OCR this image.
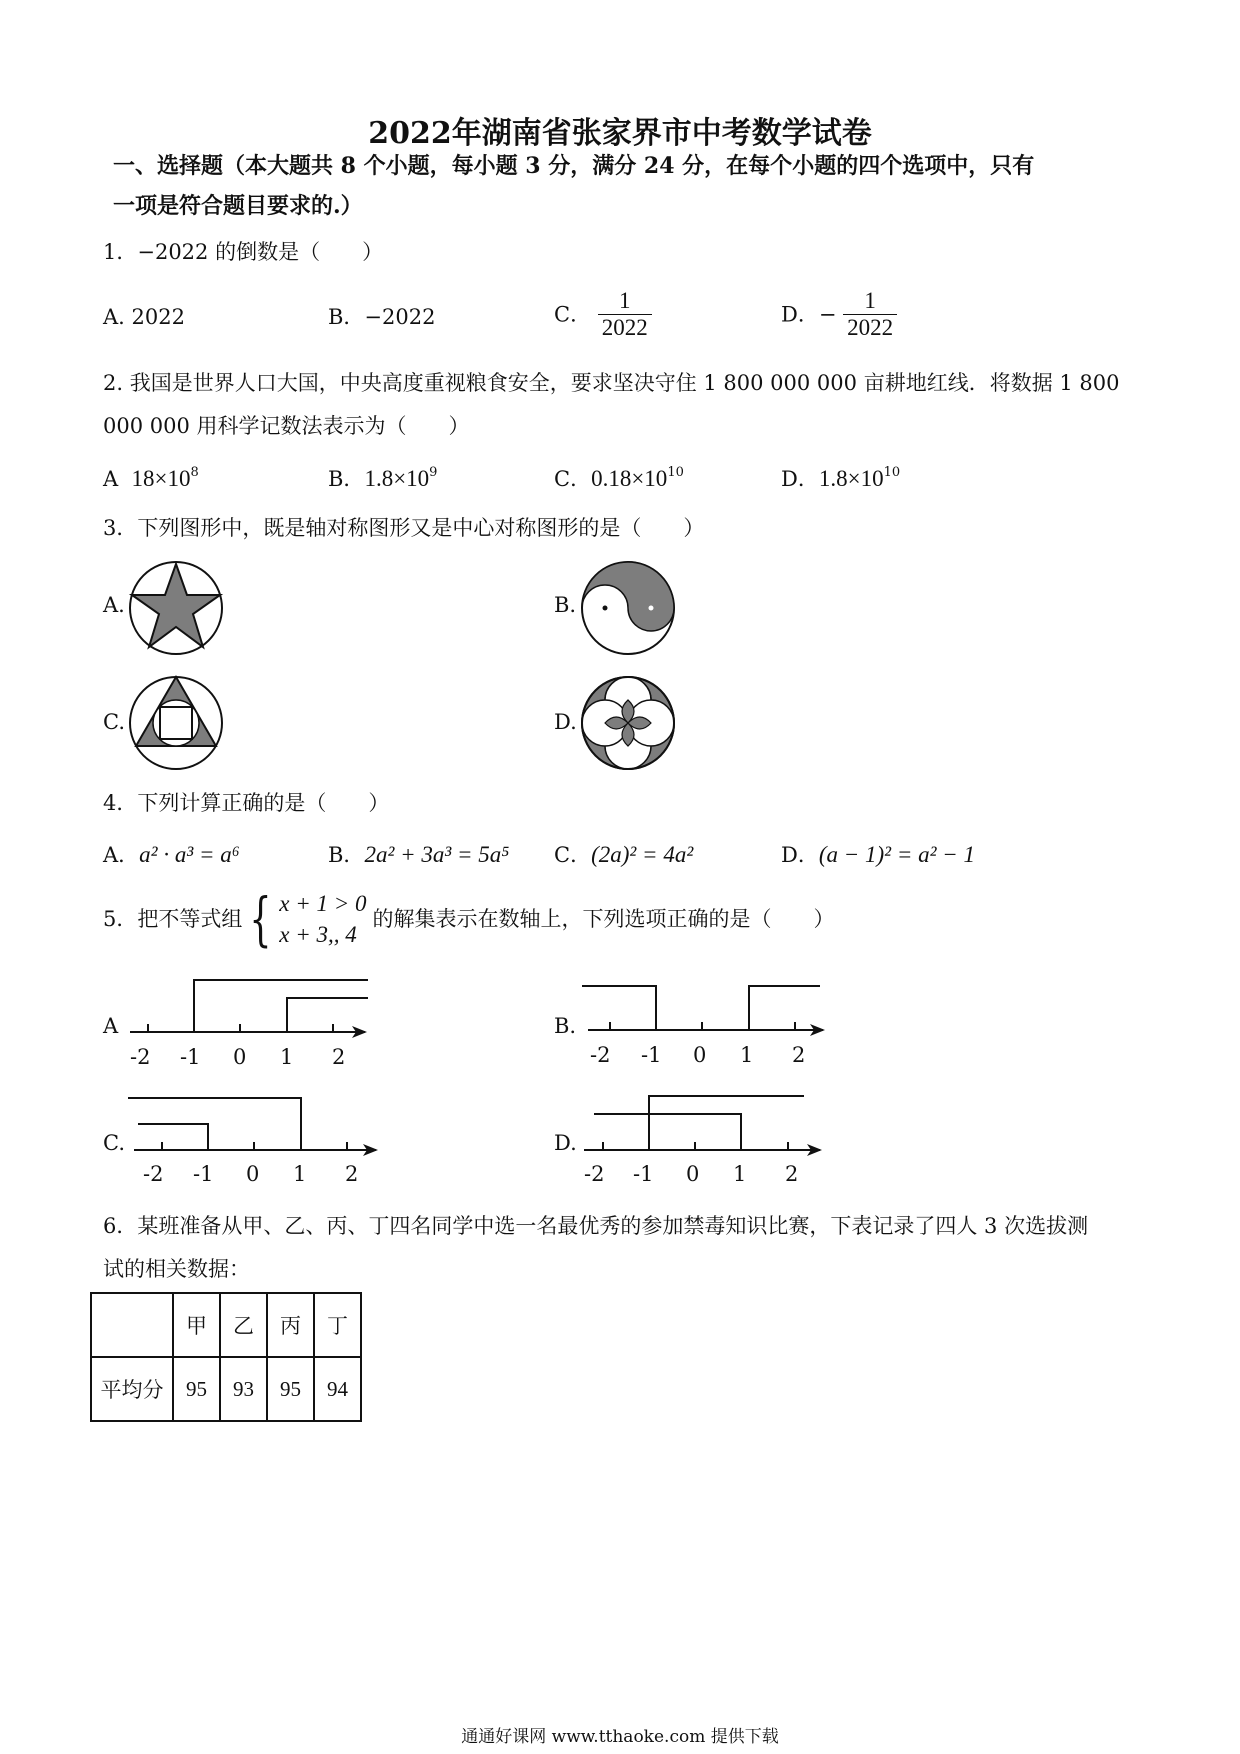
2022年湖南省张家界市中考数学试卷
一、选择题（本大题共 8 个小题，每小题 3 分，满分 24 分，在每个小题的四个选项中，只有
一项是符合题目要求的.）
1．−2022 的倒数是（　　）
A. 2022	B．−2022	C． $\frac{1}{2022}$	D．− $\frac{1}{2022}$
2. 我国是世界人口大国，中央高度重视粮食安全，要求坚决守住 1 800 000 000 亩耕地红线．将数据 1 800
000 000 用科学记数法表示为（　　）
A $18\times 10^8$	B．$1.8\times 10^9$	C．$0.18\times 10^{10}$	D．$1.8\times 10^{10}$
3．下列图形中，既是轴对称图形又是中心对称图形的是（　　）
A.	B.
C.	D.
4．下列计算正确的是（　　）
A．a² · a³ = a⁶	B．2a² + 3a³ = 5a⁵ C．(2a)² = 4a²	D．(a − 1)² = a² − 1
5．把不等式组 { x + 1 > 0
x + 3,, 4
的解集表示在数轴上，下列选项正确的是（　　）
A
-2 -1 0 1 2
B.
-2 -1 0 1 2
C.
-2 -1 0 1 2
D.
-2 -1 0 1 2
6．某班准备从甲、乙、丙、丁四名同学中选一名最优秀的参加禁毒知识比赛，下表记录了四人 3 次选拔测
试的相关数据：
	甲	乙	丙	丁
平均分	95	93	95	94
通通好课网 www.tthaoke.com 提供下载
